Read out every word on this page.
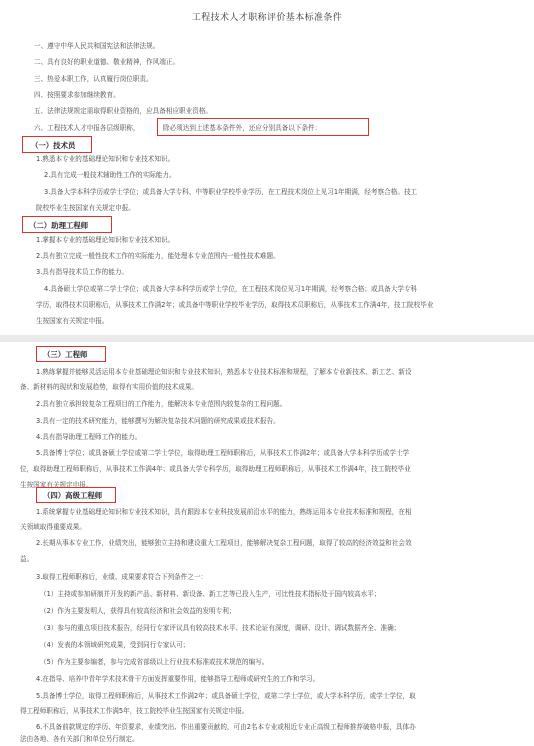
工程技术人才职称评价基本标准条件
一、遵守中华人民共和国宪法和法律法规。
二、具有良好的职业道德、敬业精神，作风端正。
三、热爱本职工作，认真履行岗位职责。
四、按照要求参加继续教育。
五、法律法规规定需取得职业资格的，应具备相应职业资格。
六、工程技术人才申报各层级职称，	除必须达到上述基本条件外，还应分别具备以下条件：
（一）技术员
1.熟悉本专业的基础理论知识和专业技术知识。
2.具有完成一般技术辅助性工作的实际能力。
3.具备大学本科学历或学士学位；或具备大学专科、中等职业学校毕业学历，在工程技术岗位上见习1年期满，经考察合格。技工
院校毕业生按国家有关规定申报。
（二）助理工程师
1.掌握本专业的基础理论知识和专业技术知识。
2.具有独立完成一般性技术工作的实际能力，能处理本专业范围内一般性技术难题。
3.具有指导技术员工作的能力。
4.具备硕士学位或第二学士学位；或具备大学本科学历或学士学位，在工程技术岗位见习1年期满，经考察合格；或具备大学专科
学历，取得技术员职称后，从事技术工作满2年；或具备中等职业学校毕业学历，取得技术员职称后，从事技术工作满4年，技工院校毕业
生按国家有关规定申报。
（三）工程师
1.熟练掌握并能够灵活运用本专业基础理论知识和专业技术知识，熟悉本专业技术标准和规程，了解本专业新技术、新工艺、新设
备、新材料的现状和发展趋势，取得有实用价值的技术成果。
2.具有独立承担较复杂工程项目的工作能力，能解决本专业范围内较复杂的工程问题。
3.具有一定的技术研究能力，能够撰写为解决复杂技术问题的研究成果或技术报告。
4.具有指导助理工程师工作的能力。
5.具备博士学位；或具备硕士学位或第二学士学位，取得助理工程师职称后，从事技术工作满2年；或具备大学本科学历或学士学
位，取得助理工程师职称后，从事技术工作满4年；或具备大学专科学历，取得助理工程师职称后，从事技术工作满4年，技工院校毕业
生按国家有关规定申报。
（四）高级工程师
1.系统掌握专业基础理论知识和专业技术知识，具有跟踪本专业科技发展前沿水平的能力，熟练运用本专业技术标准和规程，在相
关领域取得重要成果。
2.长期从事本专业工作，业绩突出，能够独立主持和建设重大工程项目，能够解决复杂工程问题，取得了较高的经济效益和社会效
益。
3.取得工程师职称后，业绩、成果要求符合下列条件之一：
（1）主持或参加研制并开发的新产品、新材料、新设备、新工艺等已投入生产，可比性技术指标处于国内较高水平；
（2）作为主要发明人，获得具有较高经济和社会效益的发明专利；
（3）参与的重点项目技术报告，经同行专家评议具有较高技术水平、技术论证有深度，调研、设计、调试数据齐全、准确；
（4）发表的本领域研究成果，受到同行专家认可；
（5）作为主要参编者，参与完成省部级以上行业技术标准或技术规范的编写。
4.在指导、培养中青年学术技术骨干方面发挥重要作用，能够指导工程师或研究生的工作和学习。
5.具备博士学位，取得工程师职称后，从事技术工作满2年；或具备硕士学位，或第二学士学位，或大学本科学历，或学士学位，取
得工程师职称后，从事技术工作满5年，技工院校毕业生按国家有关规定申报。
6.不具备前款规定的学历、年资要求，业绩突出、作出重要贡献的，可由2名本专业或相近专业正高级工程师推荐破格申报，具体办
法由各地、各有关部门和单位另行制定。
